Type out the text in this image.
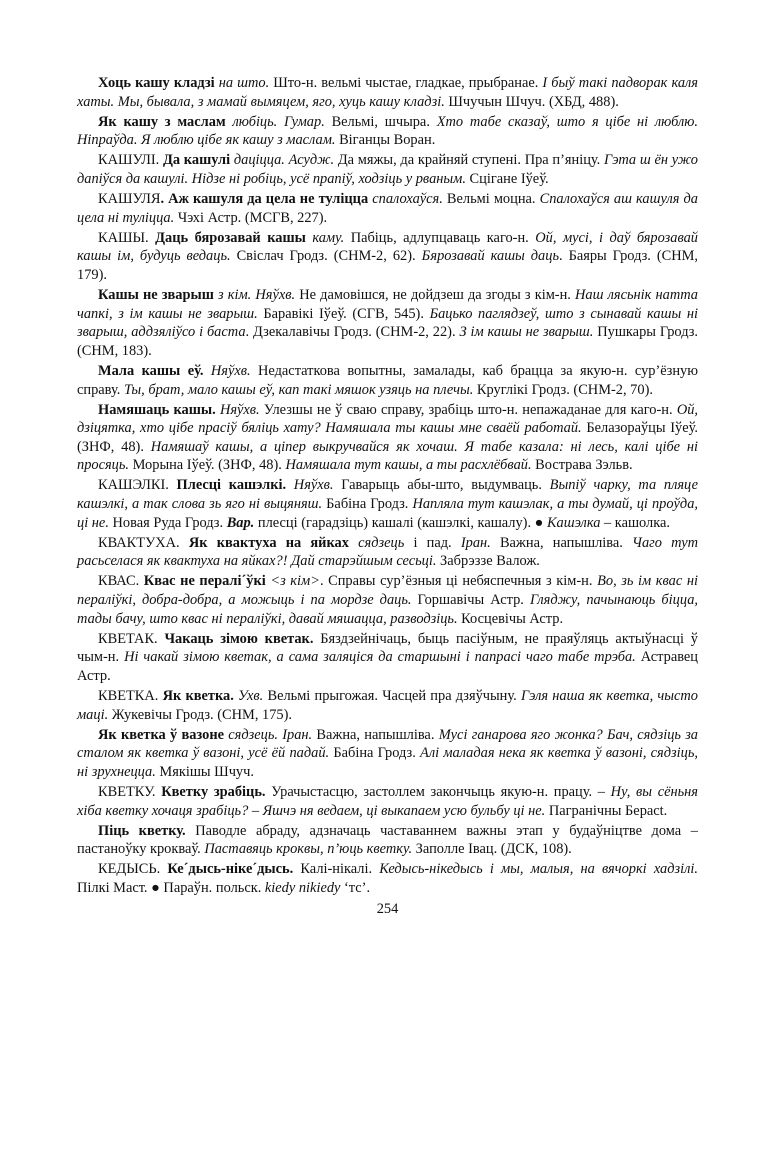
Хоць кашу кладзі на што. Што-н. вельмі чыстае, гладкае, прыбранае. I быў такі падворак каля хаты. Мы, бывала, з мамай вымяцем, яго, хуць кашу кладзі. Шчучын Шчуч. (ХБД, 488).

Як кашу з маслам любіць. Гумар. Вельмі, шчыра. Хто табе сказаў, што я цібе ні люблю. Ніпраўда. Я люблю цібе як кашу з маслам. Віганцы Воран.

КАШУЛІ. Да кашулі даціцца. Асудж. Да мяжы, да крайняй ступені. Пра п’яніцу. Гэта ш ён ужо дапіўся да кашулі. Нідзе ні робіць, усё прапіў, ходзіць у рваным. Сцігане Іўеў.

КАШУЛЯ. Аж кашуля да цела не туліцца спалохаўся. Вельмі моцна. Спалохаўся аш кашуля да цела ні туліцца. Чэхі Астр. (МСГВ, 227).

КАШЫ. Даць бярозавай кашы каму. Пабіць, адлупцаваць каго-н. Ой, мусі, і даў бярозавай кашы ім, будуць ведаць. Свіслач Гродз. (СНМ-2, 62). Бярозавай кашы даць. Баяры Гродз. (СНМ, 179).

Кашы не зварыш з кім. Няўхв. Не дамовішся, не дойдзеш да згоды з кім-н. Наш лясьнік натта чапкі, з ім кашы не зварыш. Баравікі Іўеў. (СГВ, 545). Бацько паглядзеў, што з сынавай кашы ні зварыш, аддзяліўсо і баста. Дзекалавічы Гродз. (СНМ-2, 22). З ім кашы не зварыш. Пушкары Гродз. (СНМ, 183).

Мала кашы еў. Няўхв. Недастаткова вопытны, замалады, каб брацца за якую-н. сур’ёзную справу. Ты, брат, мало кашы еў, кап такі мяшок узяць на плечы. Круглікі Гродз. (СНМ-2, 70).

Намяшаць кашы. Няўхв. Улезшы не ў сваю справу, зрабіць што-н. непажаданае для каго-н. Ой, дзіцятка, хто цібе прасіў бяліць хату? Намяшала ты кашы мне сваёй работай. Белазораўцы Іўеў. (ЗНФ, 48). Намяшаў кашы, а ціпер выкручвайся як хочаш. Я табе казала: ні лесь, калі цібе ні просяць. Морына Іўеў. (ЗНФ, 48). Намяшала тут кашы, а ты расхлёбвай. Вострава Зэльв.

КАШЭЛКІ. Плесці кашэлкі. Няўхв. Гаварыць абы-што, выдумваць. Выпіў чарку, та пляце кашэлкі, а так слова зь яго ні выцяняш. Бабіна Гродз. Напляла тут кашэлак, а ты думай, ці проўда, ці не. Новая Руда Гродз. Вар. плесці (гарадзіць) кашалі (кашэлкі, кашалу). ● Кашэлка – кашолка.

КВАКТУХА. Як квактуха на яйках сядзець і пад. Іран. Важна, напышліва. Чаго тут расьселася як квактуха на яйках?! Дай старэйшым сесьці. Забрэззе Валож.

КВАС. Квас не пералі´ўкі <з кім>. Справы сур’ёзныя ці небяспечныя з кім-н. Во, зь ім квас ні пераліўкі, добра-добра, а можыць і па мордзе даць. Горшавічы Астр. Гляджу, пачынаюць біцца, тады бачу, што квас ні пераліўкі, давай мяшацца, разводзіць. Косцевічы Астр.

КВЕТАК. Чакаць зімою кветак. Бяздзейнічаць, быць пасіўным, не праяўляць актыўнасці ў чым-н. Ні чакай зімою кветак, а сама заляціся да старшыні і папрасі чаго табе трэба. Астравец Астр.

КВЕТКА. Як кветка. Ухв. Вельмі прыгожая. Часцей пра дзяўчыну. Гэля наша як кветка, чысто маці. Жукевічы Гродз. (СНМ, 175).

Як кветка ў вазоне сядзець. Іран. Важна, напышліва. Мусі ганарова яго жонка? Бач, сядзіць за сталом як кветка ў вазоні, усё ёй падай. Бабіна Гродз. Алі маладая нека як кветка ў вазоні, сядзіць, ні зрухнецца. Мякішы Шчуч.

КВЕТКУ. Кветку зрабіць. Урачыстасцю, застоллем закончыць якую-н. працу. – Ну, вы сёньня хіба кветку хочаця зрабіць? – Яшчэ ня ведаем, ці выкапаем усю бульбу ці не. Пагранічны Берасt.

Піць кветку. Паводле абраду, адзначаць частаваннем важны этап у будаўніцтве дома – пастаноўку крокваў. Паставяць кроквы, п’юць кветку. Заполле Івац. (ДСК, 108).

КЕДЫСЬ. Ке´дысь-ніке´дысь. Калі-нікалі. Кедысь-нікедысь і мы, малыя, на вячоркі хадзілі. Пілкі Маст. ● Параўн. польск. kiedy nikiedy ‘тс’.

254
